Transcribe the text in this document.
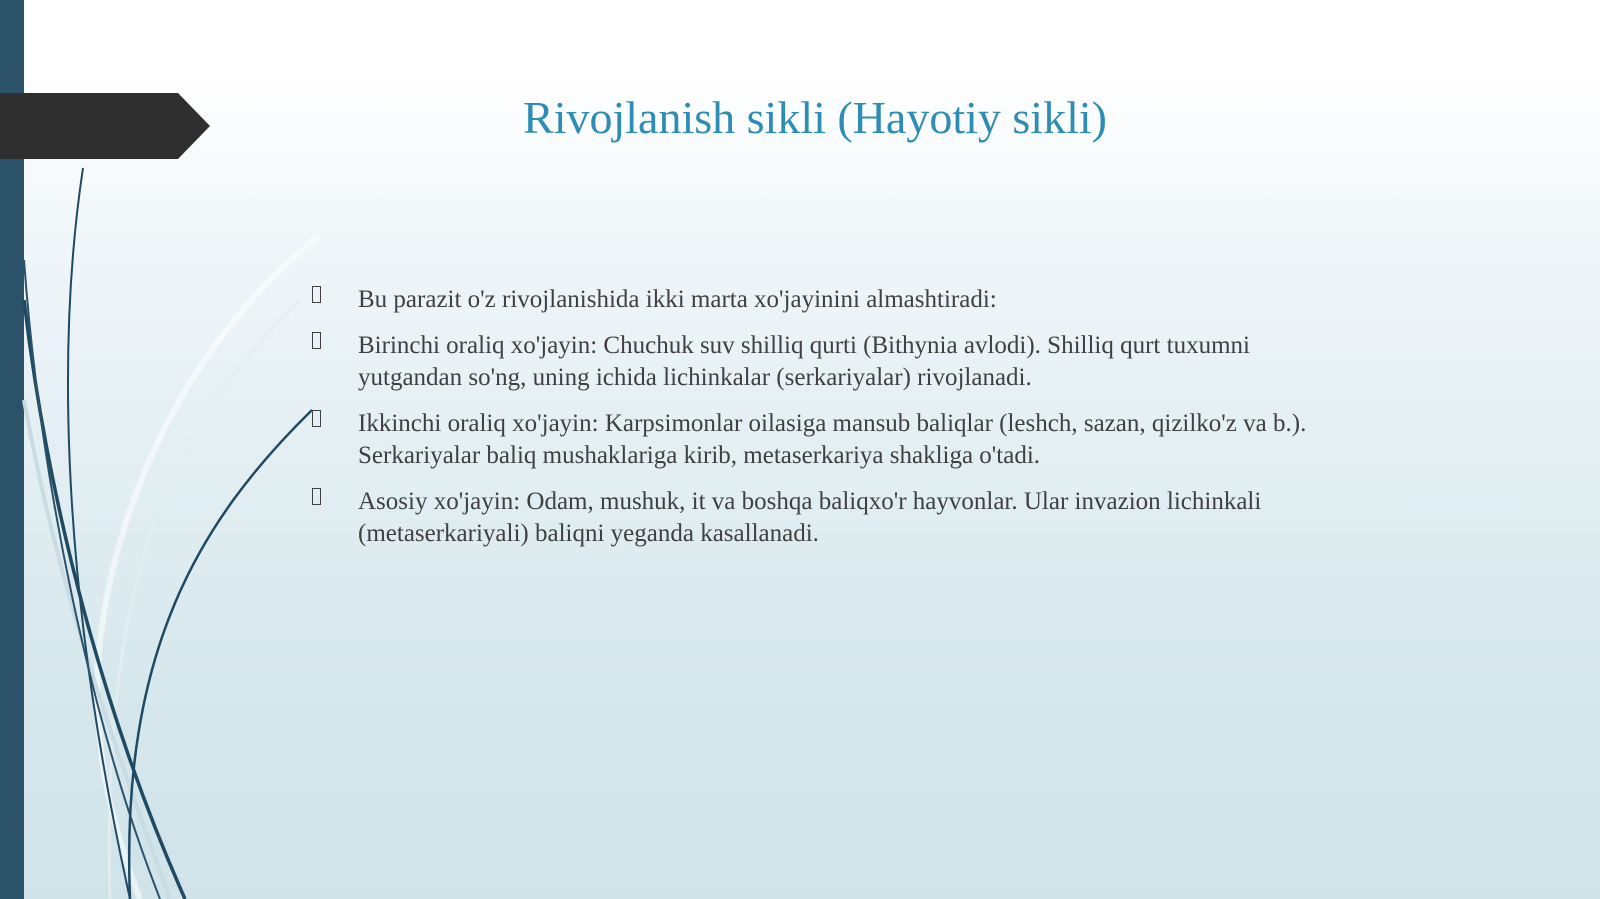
Rivojlanish sikli (Hayotiy sikli)
Bu parazit o'z rivojlanishida ikki marta xo'jayinini almashtiradi:
Birinchi oraliq xo'jayin: Chuchuk suv shilliq qurti (Bithynia avlodi). Shilliq qurt tuxumni yutgandan so'ng, uning ichida lichinkalar (serkariyalar) rivojlanadi.
Ikkinchi oraliq xo'jayin: Karpsimonlar oilasiga mansub baliqlar (leshch, sazan, qizilko'z va b.). Serkariyalar baliq mushaklariga kirib, metaserkariya shakliga o'tadi.
Asosiy xo'jayin: Odam, mushuk, it va boshqa baliqxo'r hayvonlar. Ular invazion lichinkali (metaserkariyali) baliqni yeganda kasallanadi.
